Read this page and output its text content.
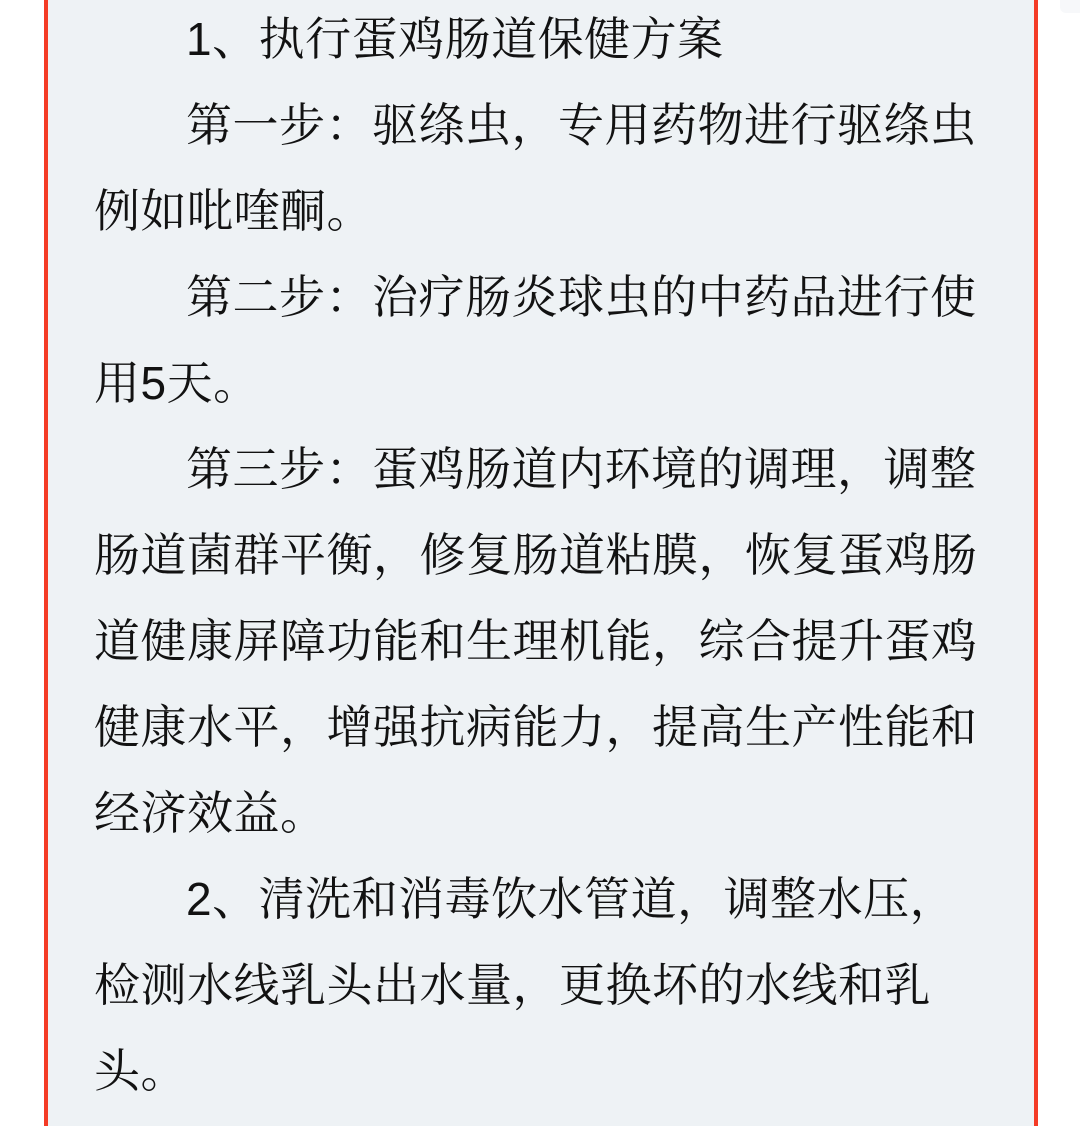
1、执行蛋鸡肠道保健方案
第一步：驱绦虫，专用药物进行驱绦虫
例如吡喹酮。
第二步：治疗肠炎球虫的中药品进行使
用5天。
第三步：蛋鸡肠道内环境的调理，调整
肠道菌群平衡，修复肠道粘膜，恢复蛋鸡肠
道健康屏障功能和生理机能，综合提升蛋鸡
健康水平，增强抗病能力，提高生产性能和
经济效益。
2、清洗和消毒饮水管道，调整水压，
检测水线乳头出水量，更换坏的水线和乳
头。
